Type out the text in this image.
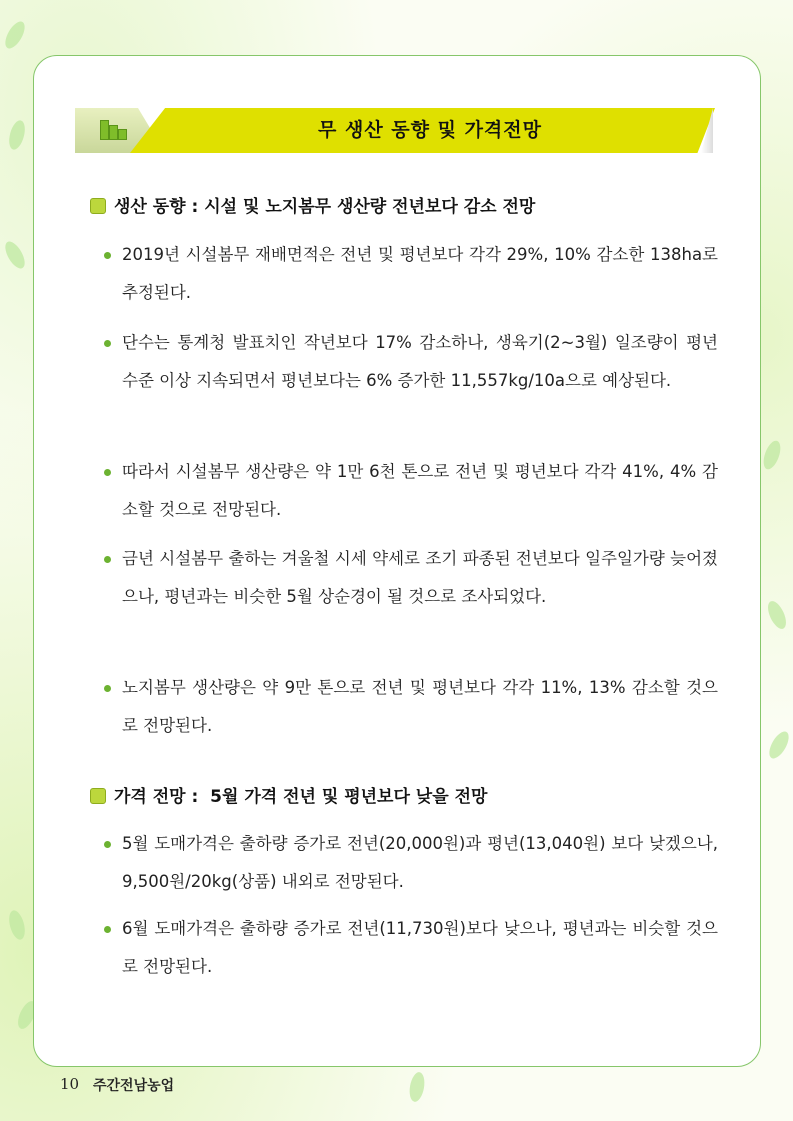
무 생산 동향 및 가격전망
생산 동향 : 시설 및 노지봄무 생산량 전년보다 감소 전망
2019년 시설봄무 재배면적은 전년 및 평년보다 각각 29%, 10% 감소한 138ha로 추정된다.
단수는 통계청 발표치인 작년보다 17% 감소하나, 생육기(2~3월) 일조량이 평년 수준 이상 지속되면서 평년보다는 6% 증가한 11,557kg/10a으로 예상된다.
따라서 시설봄무 생산량은 약 1만 6천 톤으로 전년 및 평년보다 각각 41%, 4% 감소할 것으로 전망된다.
금년 시설봄무 출하는 겨울철 시세 약세로 조기 파종된 전년보다 일주일가량 늦어졌으나, 평년과는 비슷한 5월 상순경이 될 것으로 조사되었다.
노지봄무 생산량은 약 9만 톤으로 전년 및 평년보다 각각 11%, 13% 감소할 것으로 전망된다.
가격 전망 :  5월 가격 전년 및 평년보다 낮을 전망
5월 도매가격은 출하량 증가로 전년(20,000원)과 평년(13,040원) 보다 낮겠으나, 9,500원/20kg(상품) 내외로 전망된다.
6월 도매가격은 출하량 증가로 전년(11,730원)보다 낮으나, 평년과는 비슷할 것으로 전망된다.
10 주간전남농업
